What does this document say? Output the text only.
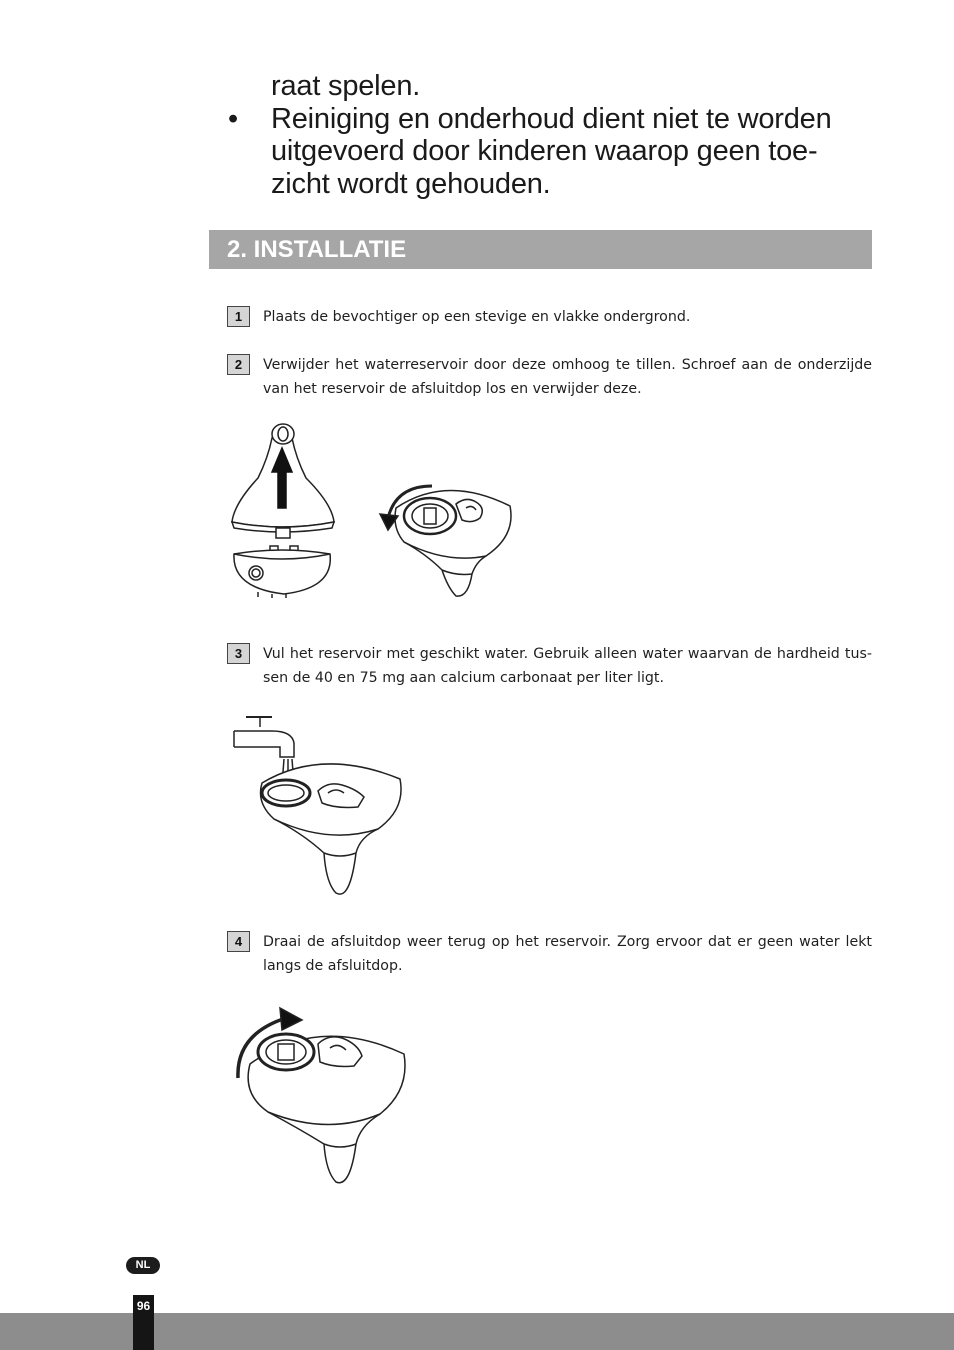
raat spelen.
• Reiniging en onderhoud dient niet te worden
uitgevoerd door kinderen waarop geen toe-
zicht wordt gehouden.
2. INSTALLATIE
1	Plaats de bevochtiger op een stevige en vlakke ondergrond.
2	Verwijder het waterreservoir door deze omhoog te tillen. Schroef aan de onderzijde van het reservoir de afsluitdop los en verwijder deze.
3	Vul het reservoir met geschikt water. Gebruik alleen water waarvan de hardheid tus-sen de 40 en 75 mg aan calcium carbonaat per liter ligt.
4	Draai de afsluitdop weer terug op het reservoir. Zorg ervoor dat er geen water lekt langs de afsluitdop.
NL
96
